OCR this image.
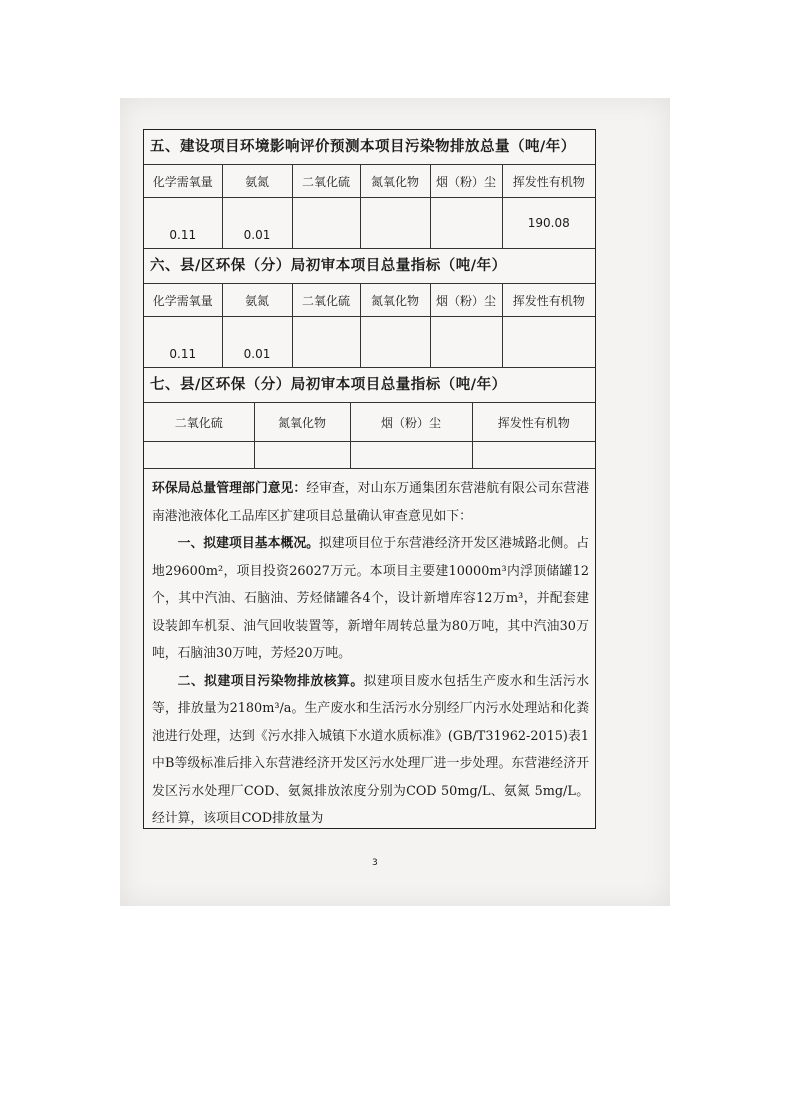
五、建设项目环境影响评价预测本项目污染物排放总量（吨/年）
化学需氧量	氨氮	二氧化硫	氮氧化物	烟（粉）尘	挥发性有机物
0.11	0.01				190.08
六、县/区环保（分）局初审本项目总量指标（吨/年）
化学需氧量	氨氮	二氧化硫	氮氧化物	烟（粉）尘	挥发性有机物
0.11	0.01				
七、县/区环保（分）局初审本项目总量指标（吨/年）
二氧化硫	氮氧化物	烟（粉）尘	挥发性有机物

环保局总量管理部门意见：经审查，对山东万通集团东营港航有限公司东营港南港池液体化工品库区扩建项目总量确认审查意见如下：

一、拟建项目基本概况。拟建项目位于东营港经济开发区港城路北侧。占地29600m²，项目投资26027万元。本项目主要建10000m³内浮顶储罐12个，其中汽油、石脑油、芳烃储罐各4个，设计新增库容12万m³，并配套建设装卸车机泵、油气回收装置等，新增年周转总量为80万吨，其中汽油30万吨，石脑油30万吨，芳烃20万吨。

二、拟建项目污染物排放核算。拟建项目废水包括生产废水和生活污水等，排放量为2180m³/a。生产废水和生活污水分别经厂内污水处理站和化粪池进行处理，达到《污水排入城镇下水道水质标准》(GB/T31962-2015)表1中B等级标准后排入东营港经济开发区污水处理厂进一步处理。东营港经济开发区污水处理厂COD、氨氮排放浓度分别为COD 50mg/L、氨氮 5mg/L。经计算，该项目COD排放量为

3
